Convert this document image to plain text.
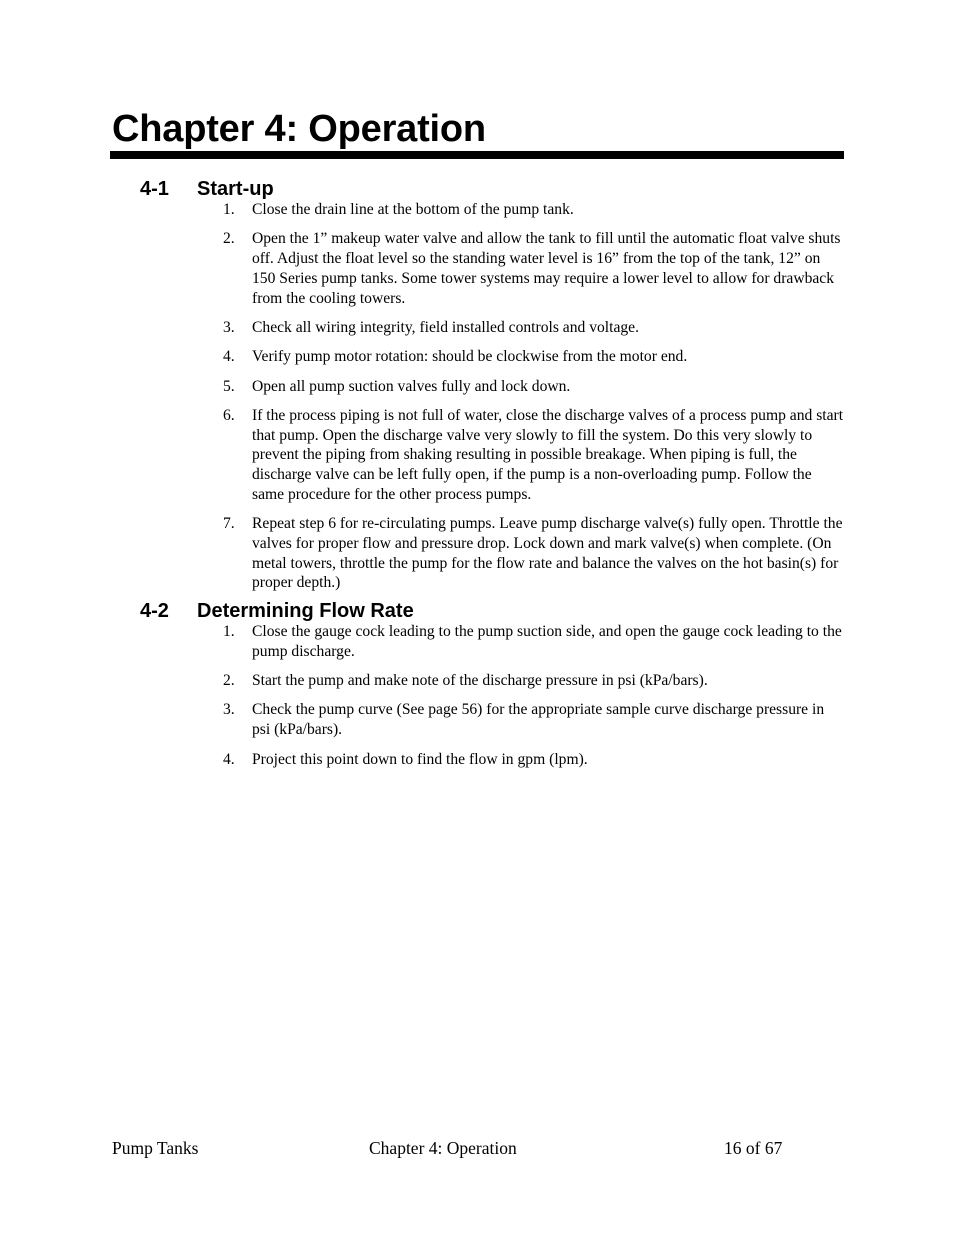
Chapter 4: Operation
4-1 Start-up
1. Close the drain line at the bottom of the pump tank.
2. Open the 1” makeup water valve and allow the tank to fill until the automatic float valve shuts off. Adjust the float level so the standing water level is 16” from the top of the tank, 12” on 150 Series pump tanks. Some tower systems may require a lower level to allow for drawback from the cooling towers.
3. Check all wiring integrity, field installed controls and voltage.
4. Verify pump motor rotation: should be clockwise from the motor end.
5. Open all pump suction valves fully and lock down.
6. If the process piping is not full of water, close the discharge valves of a process pump and start that pump. Open the discharge valve very slowly to fill the system. Do this very slowly to prevent the piping from shaking resulting in possible breakage. When piping is full, the discharge valve can be left fully open, if the pump is a non-overloading pump. Follow the same procedure for the other process pumps.
7. Repeat step 6 for re-circulating pumps. Leave pump discharge valve(s) fully open. Throttle the valves for proper flow and pressure drop. Lock down and mark valve(s) when complete. (On metal towers, throttle the pump for the flow rate and balance the valves on the hot basin(s) for proper depth.)
4-2 Determining Flow Rate
1. Close the gauge cock leading to the pump suction side, and open the gauge cock leading to the pump discharge.
2. Start the pump and make note of the discharge pressure in psi (kPa/bars).
3. Check the pump curve (See page 56) for the appropriate sample curve discharge pressure in psi (kPa/bars).
4. Project this point down to find the flow in gpm (lpm).
Pump Tanks	Chapter 4: Operation	16 of 67
